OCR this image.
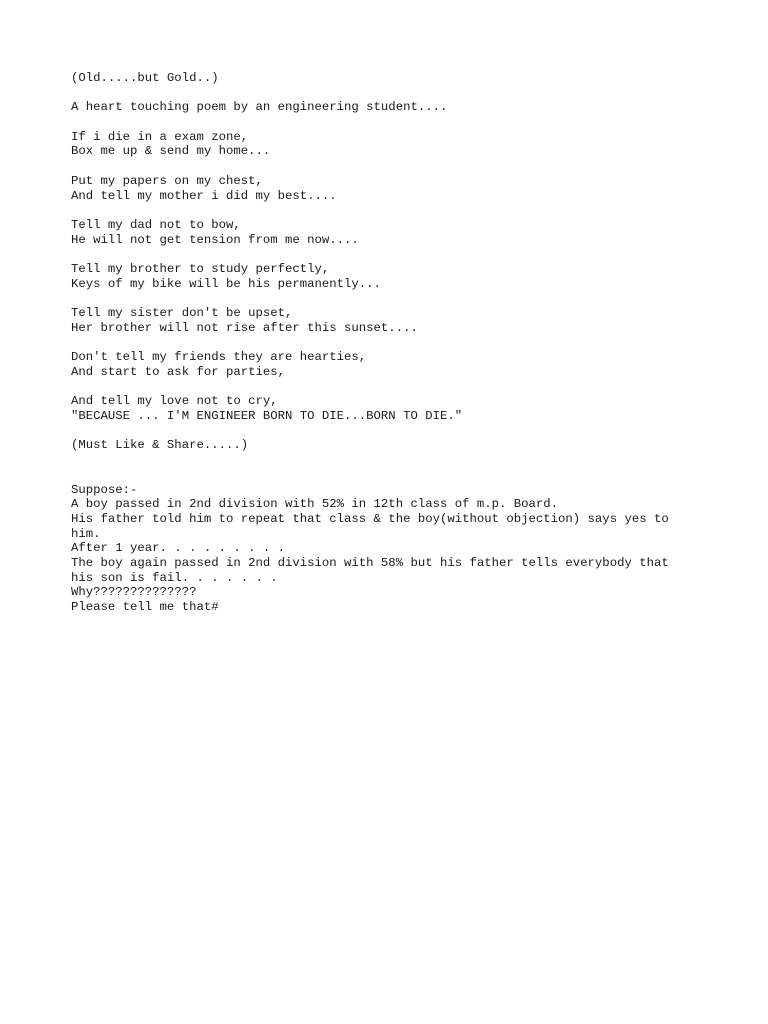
(Old.....but Gold..)
A heart touching poem by an engineering student....
If i die in a exam zone,
Box me up & send my home...
Put my papers on my chest,
And tell my mother i did my best....
Tell my dad not to bow,
He will not get tension from me now....
Tell my brother to study perfectly,
Keys of my bike will be his permanently...
Tell my sister don't be upset,
Her brother will not rise after this sunset....
Don't tell my friends they are hearties,
And start to ask for parties,
And tell my love not to cry,
"BECAUSE ... I'M ENGINEER BORN TO DIE...BORN TO DIE."
(Must Like & Share.....)
Suppose:-
A boy passed in 2nd division with 52% in 12th class of m.p. Board.
His father told him to repeat that class & the boy(without objection) says yes to him.
After 1 year. . . . . . . . .
The boy again passed in 2nd division with 58% but his father tells everybody that his son is fail. . . . . . .
Why??????????????
Please tell me that#
